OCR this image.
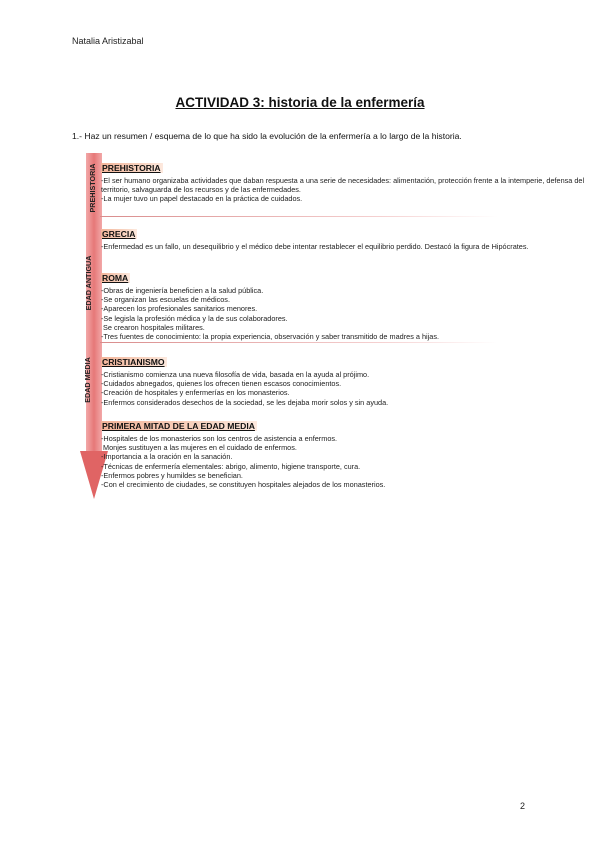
Natalia Aristizabal
ACTIVIDAD 3: historia de la enfermería
1.- Haz un resumen / esquema de lo que ha sido la evolución de la enfermería a lo largo de la historia.
PREHISTORIA
EDAD ANTIGUA
EDAD MEDIA
PREHISTORIA
-El ser humano organizaba actividades que daban respuesta a una serie de necesidades: alimentación, protección frente a la intemperie, defensa del territorio, salvaguarda de los recursos y de las enfermedades.
-La mujer tuvo un papel destacado en la práctica de cuidados.
GRECIA
-Enfermedad es un fallo, un desequilibrio y el médico debe intentar restablecer el equilibrio perdido. Destacó la figura de Hipócrates.
ROMA
-Obras de ingeniería beneficien a la salud pública.
-Se organizan las escuelas de médicos.
-Aparecen los profesionales sanitarios menores.
-Se legisla la profesión médica y la de sus colaboradores.
Se crearon hospitales militares.
-Tres fuentes de conocimiento: la propia experiencia, observación y saber transmitido de madres a hijas.
CRISTIANISMO
-Cristianismo comienza una nueva filosofía de vida, basada en la ayuda al prójimo.
-Cuidados abnegados, quienes los ofrecen tienen escasos conocimientos.
-Creación de hospitales y enfermerías en los monasterios.
-Enfermos considerados desechos de la sociedad, se les dejaba morir solos y sin ayuda.
PRIMERA MITAD DE LA EDAD MEDIA
-Hospitales de los monasterios son los centros de asistencia a enfermos.
Monjes sustituyen a las mujeres en el cuidado de enfermos.
-Importancia a la oración en la sanación.
-Técnicas de enfermería elementales: abrigo, alimento, higiene transporte, cura.
-Enfermos pobres y humildes se benefician.
-Con el crecimiento de ciudades, se constituyen hospitales alejados de los monasterios.
2
